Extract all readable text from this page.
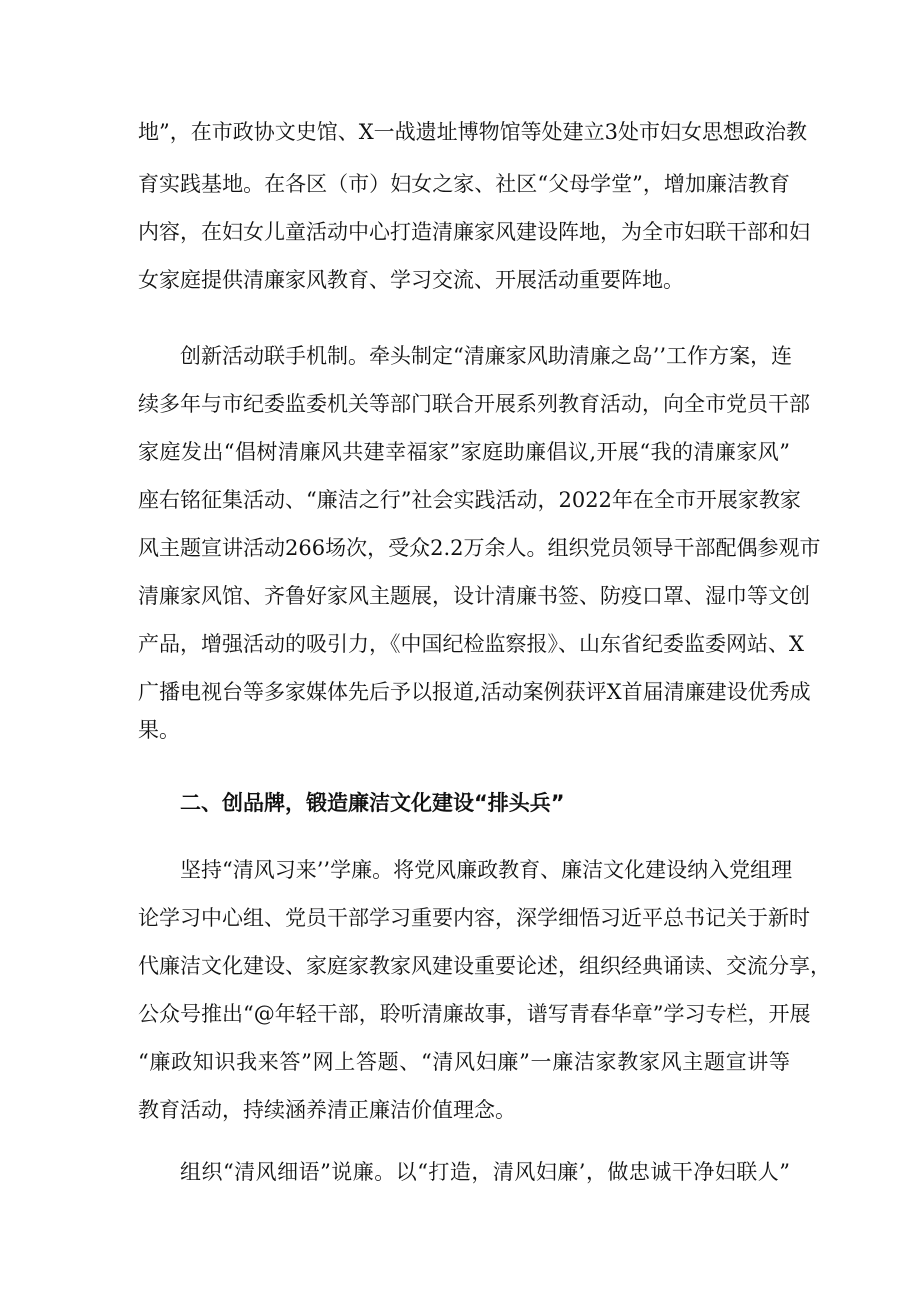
地”，在市政协文史馆、X一战遗址博物馆等处建立3处市妇女思想政治教
育实践基地。在各区（市）妇女之家、社区“父母学堂”，增加廉洁教育
内容，在妇女儿童活动中心打造清廉家风建设阵地，为全市妇联干部和妇
女家庭提供清廉家风教育、学习交流、开展活动重要阵地。
创新活动联手机制。牵头制定“清廉家风助清廉之岛’’工作方案，连
续多年与市纪委监委机关等部门联合开展系列教育活动，向全市党员干部
家庭发出“倡树清廉风共建幸福家”家庭助廉倡议,开展“我的清廉家风”
座右铭征集活动、“廉洁之行”社会实践活动，2022年在全市开展家教家
风主题宣讲活动266场次，受众2.2万余人。组织党员领导干部配偶参观市
清廉家风馆、齐鲁好家风主题展，设计清廉书签、防疫口罩、湿巾等文创
产品，增强活动的吸引力，《中国纪检监察报》、山东省纪委监委网站、X
广播电视台等多家媒体先后予以报道,活动案例获评X首届清廉建设优秀成
果。
二、创品牌，锻造廉洁文化建设“排头兵”
坚持“清风习来’’学廉。将党风廉政教育、廉洁文化建设纳入党组理
论学习中心组、党员干部学习重要内容，深学细悟习近平总书记关于新时
代廉洁文化建设、家庭家教家风建设重要论述，组织经典诵读、交流分享，
公众号推出“@年轻干部，聆听清廉故事，谱写青春华章”学习专栏，开展
“廉政知识我来答”网上答题、“清风妇廉”一廉洁家教家风主题宣讲等
教育活动，持续涵养清正廉洁价值理念。
组织“清风细语”说廉。以“打造，清风妇廉’，做忠诚干净妇联人”
